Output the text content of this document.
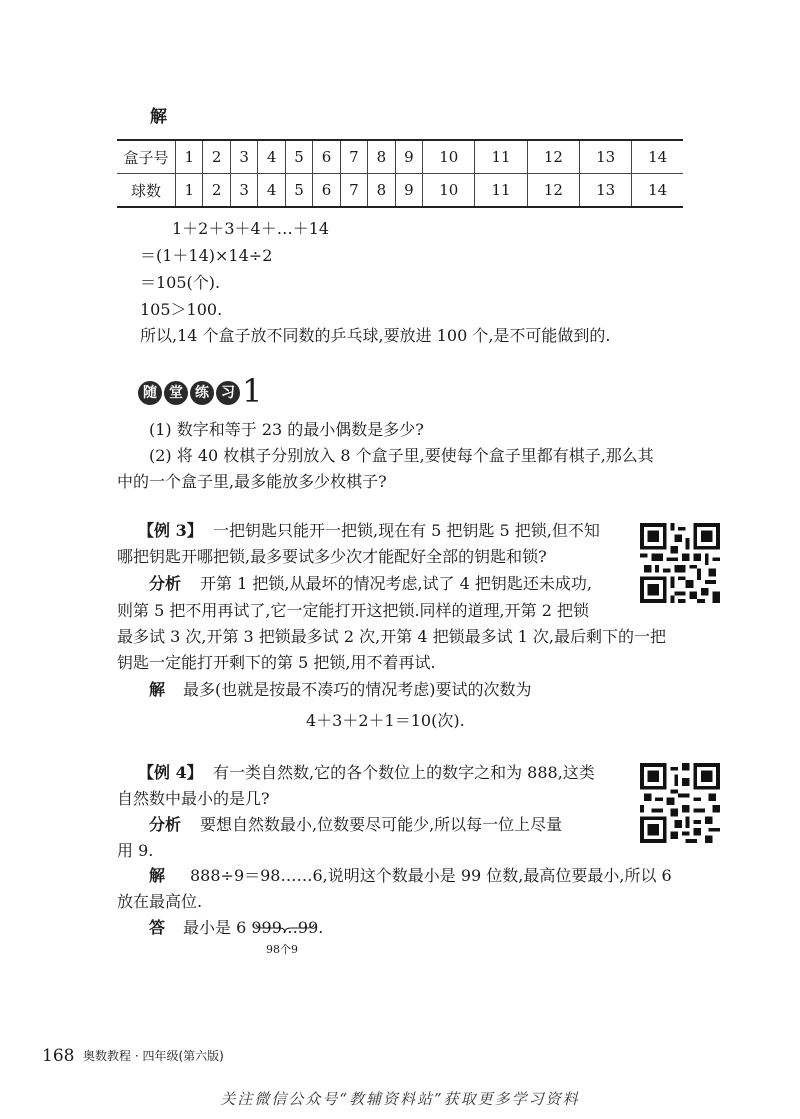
解
盒子号	1	2	3	4	5	6	7	8	9	10	11	12	13	14
球数	1	2	3	4	5	6	7	8	9	10	11	12	13	14
1＋2＋3＋4＋…＋14
＝(1＋14)×14÷2
＝105(个).
105＞100.
所以,14 个盒子放不同数的乒乓球,要放进 100 个,是不可能做到的.
随 堂 练 习 1
(1) 数字和等于 23 的最小偶数是多少?
(2) 将 40 枚棋子分别放入 8 个盒子里,要使每个盒子里都有棋子,那么其
中的一个盒子里,最多能放多少枚棋子?
【例 3】 一把钥匙只能开一把锁,现在有 5 把钥匙 5 把锁,但不知
哪把钥匙开哪把锁,最多要试多少次才能配好全部的钥匙和锁?
分析 开第 1 把锁,从最坏的情况考虑,试了 4 把钥匙还未成功,
则第 5 把不用再试了,它一定能打开这把锁.同样的道理,开第 2 把锁
最多试 3 次,开第 3 把锁最多试 2 次,开第 4 把锁最多试 1 次,最后剩下的一把
钥匙一定能打开剩下的第 5 把锁,用不着再试.
解 最多(也就是按最不凑巧的情况考虑)要试的次数为
4＋3＋2＋1＝10(次).
【例 4】 有一类自然数,它的各个数位上的数字之和为 888,这类
自然数中最小的是几?
分析 要想自然数最小,位数要尽可能少,所以每一位上尽量
用 9.
解 888÷9＝98……6,说明这个数最小是 99 位数,最高位要最小,所以 6
放在最高位.
答 最小是 6 999…99.
98个9
168 奥数教程 · 四年级(第六版)
关注微信公众号“教辅资料站”获取更多学习资料
